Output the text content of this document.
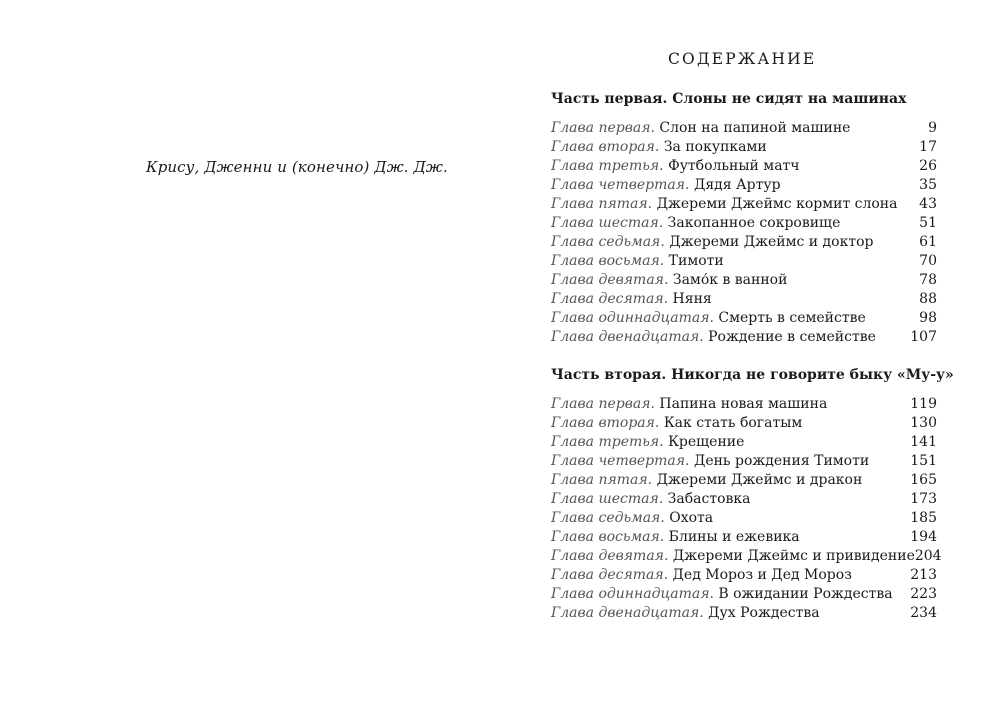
Крису, Дженни и (конечно) Дж. Дж.
СОДЕРЖАНИЕ
Часть первая. Слоны не сидят на машинах
Глава первая. Слон на папиной машине	9
Глава вторая. За покупками	17
Глава третья. Футбольный матч	26
Глава четвертая. Дядя Артур	35
Глава пятая. Джереми Джеймс кормит слона 43
Глава шестая. Закопанное сокровище	51
Глава седьмая. Джереми Джеймс и доктор	61
Глава восьмая. Тимоти	70
Глава девятая. Замо́к в ванной	78
Глава десятая. Няня	88
Глава одиннадцатая. Смерть в семействе	98
Глава двенадцатая. Рождение в семействе 107
Часть вторая. Никогда не говорите быку «Му-у»
Глава первая. Папина новая машина	119
Глава вторая. Как стать богатым	130
Глава третья. Крещение	141
Глава четвертая. День рождения Тимоти	151
Глава пятая. Джереми Джеймс и дракон	165
Глава шестая. Забастовка	173
Глава седьмая. Охота	185
Глава восьмая. Блины и ежевика	194
Глава девятая. Джереми Джеймс и привидение 204
Глава десятая. Дед Мороз и Дед Мороз	213
Глава одиннадцатая. В ожидании Рождества 223
Глава двенадцатая. Дух Рождества	234
